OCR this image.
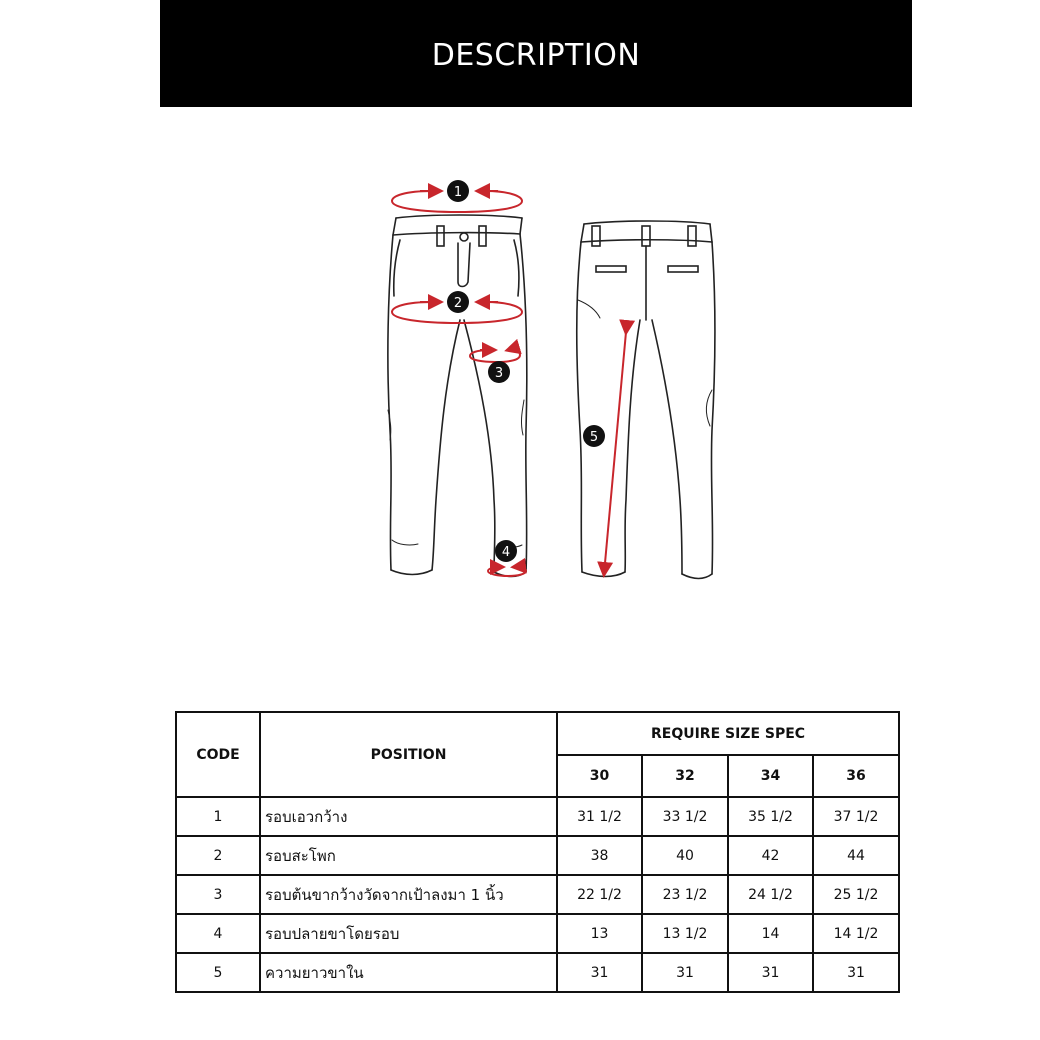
DESCRIPTION
1
2
3
4
5
CODE	POSITION	REQUIRE SIZE SPEC			
		30	32	34	36
1	รอบเอวกว้าง	31 1/2	33 1/2	35 1/2	37 1/2
2	รอบสะโพก	38	40	42	44
3	รอบต้นขากว้างวัดจากเป้าลงมา 1 นิ้ว	22 1/2	23 1/2	24 1/2	25 1/2
4	รอบปลายขาโดยรอบ	13	13 1/2	14	14 1/2
5	ความยาวขาใน	31	31	31	31
